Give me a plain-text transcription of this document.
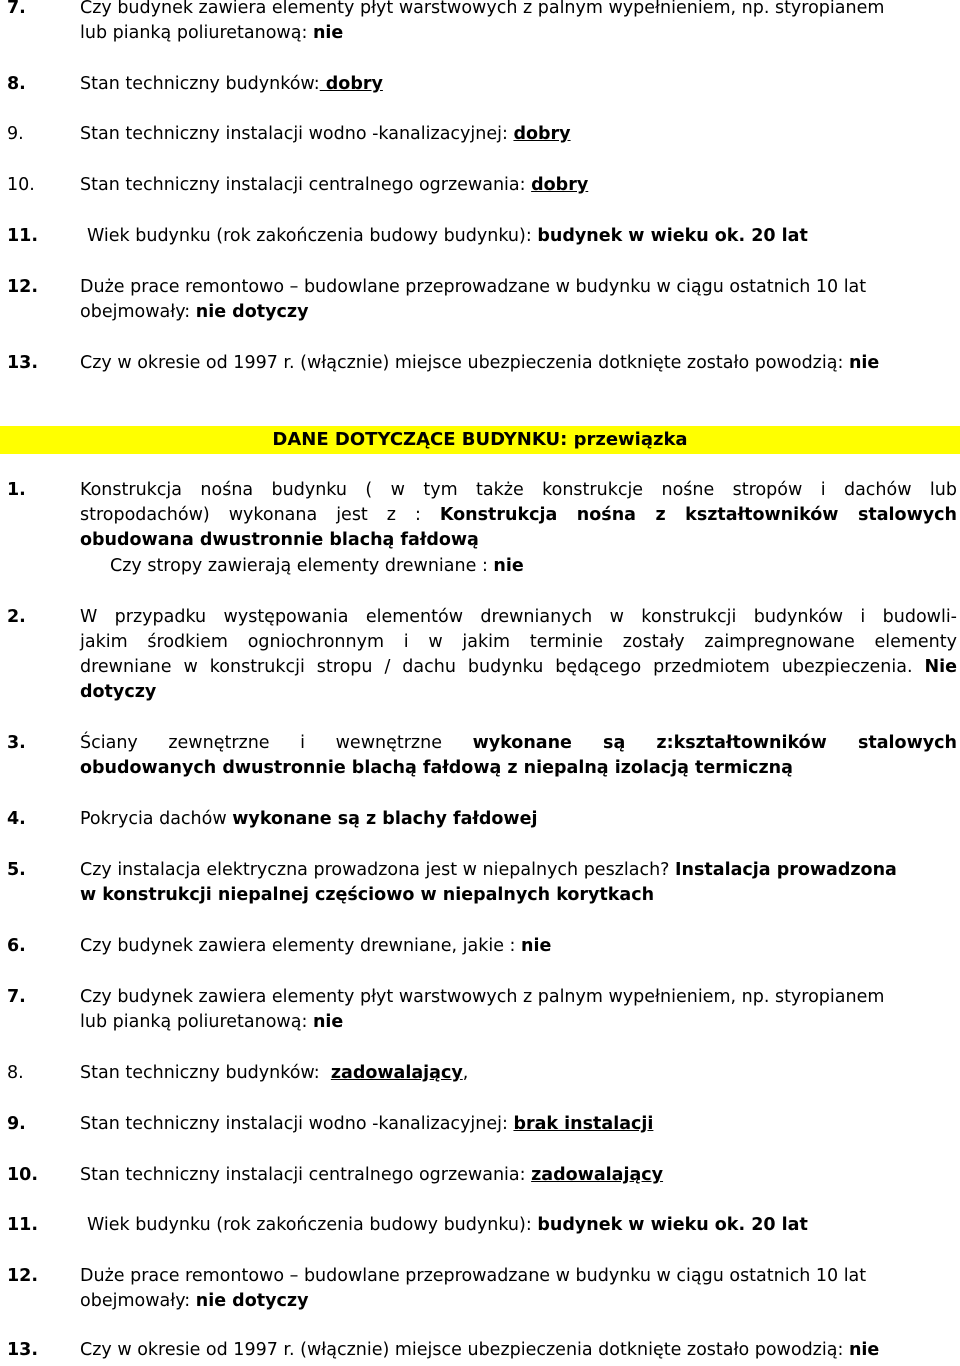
7.	Czy budynek zawiera elementy płyt warstwowych z palnym wypełnieniem, np. styropianem
lub pianką poliuretanową: nie
8.	Stan techniczny budynków: dobry
9.	Stan techniczny instalacji wodno -kanalizacyjnej: dobry
10.	Stan techniczny instalacji centralnego ogrzewania: dobry
11.	Wiek budynku (rok zakończenia budowy budynku): budynek w wieku ok. 20 lat
12. Duże prace remontowo – budowlane przeprowadzane w budynku w ciągu ostatnich 10 lat
obejmowały: nie dotyczy
13. Czy w okresie od 1997 r. (włącznie) miejsce ubezpieczenia dotknięte zostało powodzią: nie
DANE DOTYCZĄCE BUDYNKU: przewiązka
1.	Konstrukcja nośna budynku ( w tym także konstrukcje nośne stropów i dachów lub
stropodachów) wykonana jest z : Konstrukcja nośna z kształtowników stalowych
obudowana dwustronnie blachą fałdową
Czy stropy zawierają elementy drewniane : nie
2.	W przypadku występowania elementów drewnianych w konstrukcji budynków i budowli-
jakim środkiem ogniochronnym i w jakim terminie zostały zaimpregnowane elementy
drewniane w konstrukcji stropu / dachu budynku będącego przedmiotem ubezpieczenia. Nie
dotyczy
3.	Ściany zewnętrzne i wewnętrzne wykonane są z:kształtowników stalowych
obudowanych dwustronnie blachą fałdową z niepalną izolacją termiczną
4.	Pokrycia dachów wykonane są z blachy fałdowej
5.	Czy instalacja elektryczna prowadzona jest w niepalnych peszlach? Instalacja prowadzona
w konstrukcji niepalnej częściowo w niepalnych korytkach
6.	Czy budynek zawiera elementy drewniane, jakie : nie
7.	Czy budynek zawiera elementy płyt warstwowych z palnym wypełnieniem, np. styropianem
lub pianką poliuretanową: nie
8.	Stan techniczny budynków: zadowalający,
9.	Stan techniczny instalacji wodno -kanalizacyjnej: brak instalacji
10. Stan techniczny instalacji centralnego ogrzewania: zadowalający
11.	Wiek budynku (rok zakończenia budowy budynku): budynek w wieku ok. 20 lat
12. Duże prace remontowo – budowlane przeprowadzane w budynku w ciągu ostatnich 10 lat
obejmowały: nie dotyczy
13. Czy w okresie od 1997 r. (włącznie) miejsce ubezpieczenia dotknięte zostało powodzią: nie
